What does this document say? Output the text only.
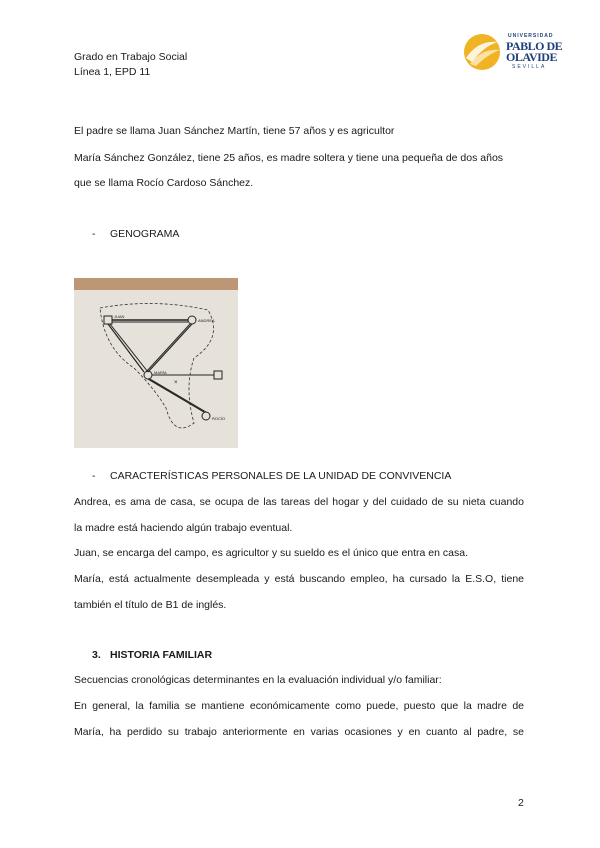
Grado en Trabajo Social
Línea 1, EPD 11
UNIVERSIDAD
PABLO DE
OLAVIDE
SEVILLA
El padre se llama Juan Sánchez Martín, tiene 57 años y es agricultor
María Sánchez González, tiene 25 años, es madre soltera y tiene una pequeña de dos años
que se llama Rocío Cardoso Sánchez.
- GENOGRAMA
JUAN
ANDREA
MARÍA
×
ROCÍO
- CARACTERÍSTICAS PERSONALES DE LA UNIDAD DE CONVIVENCIA
Andrea, es ama de casa, se ocupa de las tareas del hogar y del cuidado de su nieta cuando
la madre está haciendo algún trabajo eventual.
Juan, se encarga del campo, es agricultor y su sueldo es el único que entra en casa.
María, está actualmente desempleada y está buscando empleo, ha cursado la E.S.O, tiene
también el título de B1 de inglés.
3. HISTORIA FAMILIAR
Secuencias cronológicas determinantes en la evaluación individual y/o familiar:
En general, la familia se mantiene económicamente como puede, puesto que la madre de
María, ha perdido su trabajo anteriormente en varias ocasiones y en cuanto al padre, se
2
